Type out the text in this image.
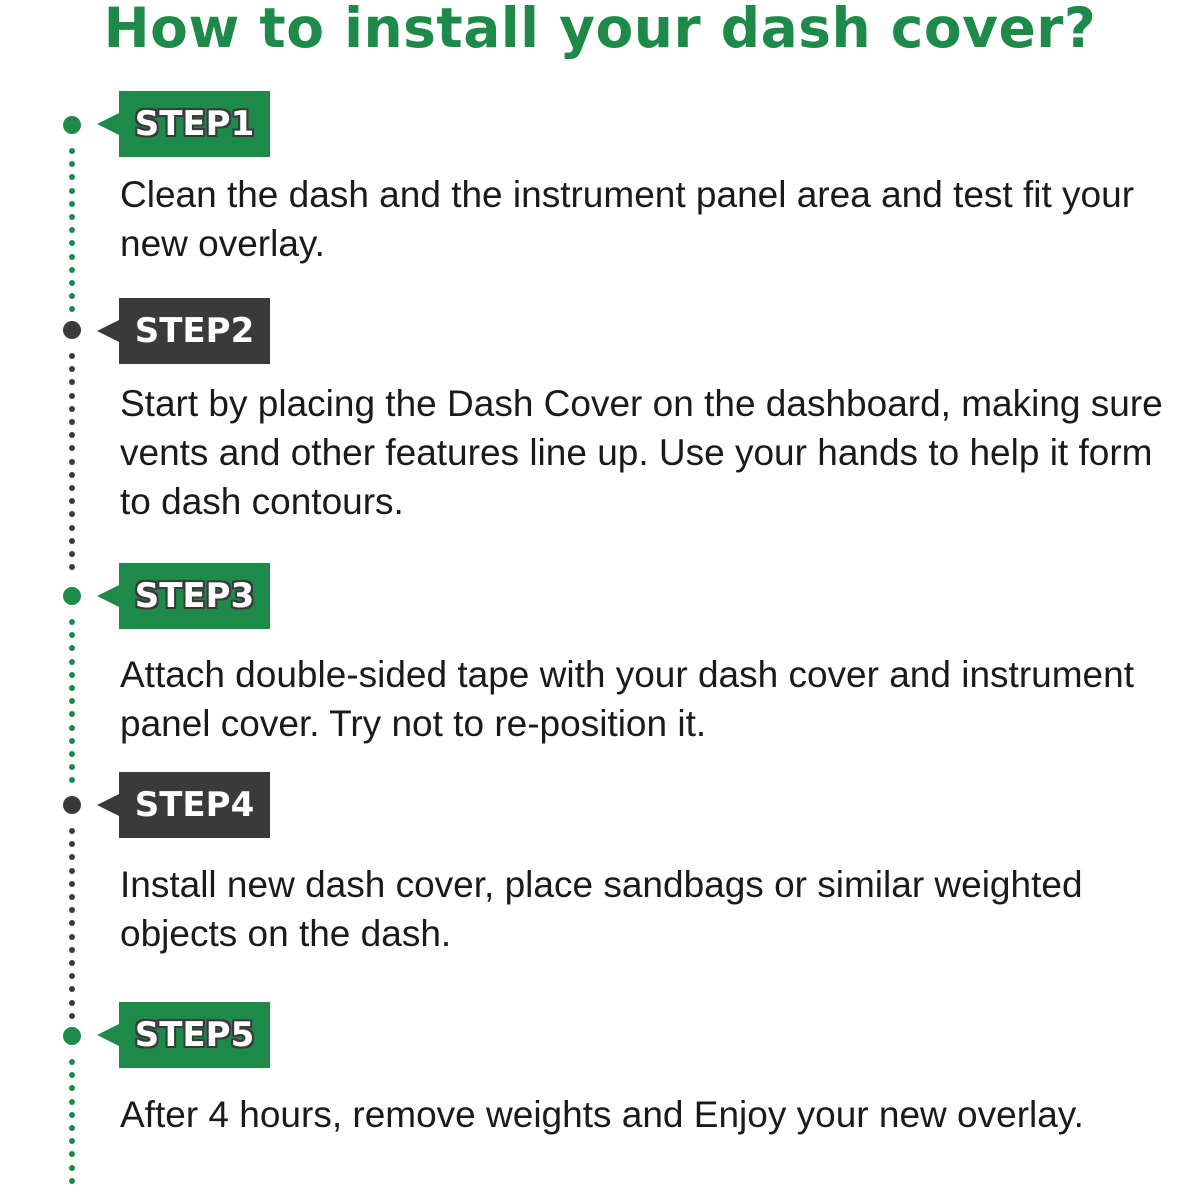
How to install your dash cover?
STEP1

Clean the dash and the instrument panel area and test fit your new overlay.

STEP2

Start by placing the Dash Cover on the dashboard, making sure vents and other features line up. Use your hands to help it form to dash contours.

STEP3

Attach double-sided tape with your dash cover and instrument panel cover. Try not to re-position it.

STEP4

Install new dash cover, place sandbags or similar weighted objects on the dash.

STEP5

After 4 hours, remove weights and Enjoy your new overlay.
